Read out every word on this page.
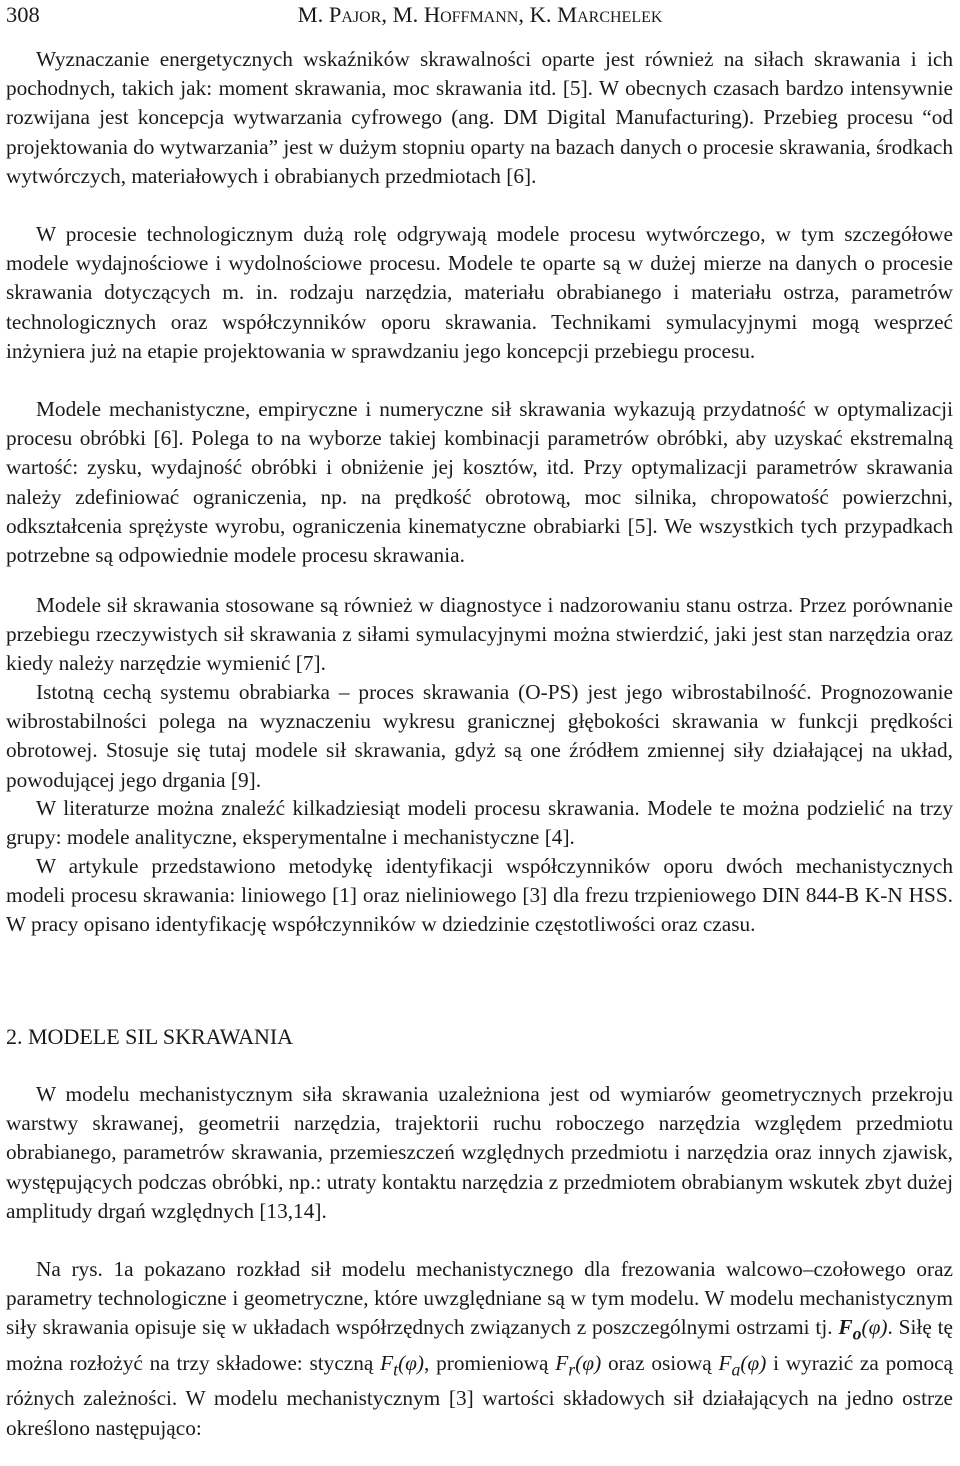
308	M. Pajor, M. Hoffmann, K. Marchelek

Wyznaczanie energetycznych wskaźników skrawalności oparte jest również na siłach skrawania i ich pochodnych, takich jak: moment skrawania, moc skrawania itd. [5]. W obecnych czasach bardzo intensywnie rozwijana jest koncepcja wytwarzania cyfrowego (ang. DM Digital Manufacturing). Przebieg procesu “od projektowania do wytwarzania” jest w dużym stopniu oparty na bazach danych o procesie skrawania, środkach wytwórczych, materiałowych i obrabianych przedmiotach [6].

W procesie technologicznym dużą rolę odgrywają modele procesu wytwórczego, w tym szczegółowe modele wydajnościowe i wydolnościowe procesu. Modele te oparte są w dużej mierze na danych o procesie skrawania dotyczących m. in. rodzaju narzędzia, materiału obrabianego i materiału ostrza, parametrów technologicznych oraz współczynników oporu skrawania. Technikami symulacyjnymi mogą wesprzeć inżyniera już na etapie projektowania w sprawdzaniu jego koncepcji przebiegu procesu.

Modele mechanistyczne, empiryczne i numeryczne sił skrawania wykazują przydatność w optymalizacji procesu obróbki [6]. Polega to na wyborze takiej kombinacji parametrów obróbki, aby uzyskać ekstremalną wartość: zysku, wydajność obróbki i obniżenie jej kosztów, itd. Przy optymalizacji parametrów skrawania należy zdefiniować ograniczenia, np. na prędkość obrotową, moc silnika, chropowatość powierzchni, odkształcenia sprężyste wyrobu, ograniczenia kinematyczne obrabiarki [5]. We wszystkich tych przypadkach potrzebne są odpowiednie modele procesu skrawania.

Modele sił skrawania stosowane są również w diagnostyce i nadzorowaniu stanu ostrza. Przez porównanie przebiegu rzeczywistych sił skrawania z siłami symulacyjnymi można stwierdzić, jaki jest stan narzędzia oraz kiedy należy narzędzie wymienić [7].

Istotną cechą systemu obrabiarka – proces skrawania (O-PS) jest jego wibrostabilność. Prognozowanie wibrostabilności polega na wyznaczeniu wykresu granicznej głębokości skrawania w funkcji prędkości obrotowej. Stosuje się tutaj modele sił skrawania, gdyż są one źródłem zmiennej siły działającej na układ, powodującej jego drgania [9].

W literaturze można znaleźć kilkadziesiąt modeli procesu skrawania. Modele te można podzielić na trzy grupy: modele analityczne, eksperymentalne i mechanistyczne [4].

W artykule przedstawiono metodykę identyfikacji współczynników oporu dwóch mechanistycznych modeli procesu skrawania: liniowego [1] oraz nieliniowego [3] dla frezu trzpieniowego DIN 844-B K-N HSS. W pracy opisano identyfikację współczynników w dziedzinie częstotliwości oraz czasu.

2. MODELE SIL SKRAWANIA

W modelu mechanistycznym siła skrawania uzależniona jest od wymiarów geometrycznych przekroju warstwy skrawanej, geometrii narzędzia, trajektorii ruchu roboczego narzędzia względem przedmiotu obrabianego, parametrów skrawania, przemieszczeń względnych przedmiotu i narzędzia oraz innych zjawisk, występujących podczas obróbki, np.: utraty kontaktu narzędzia z przedmiotem obrabianym wskutek zbyt dużej amplitudy drgań względnych [13,14].

Na rys. 1a pokazano rozkład sił modelu mechanistycznego dla frezowania walcowo–czołowego oraz parametry technologiczne i geometryczne, które uwzględniane są w tym modelu. W modelu mechanistycznym siły skrawania opisuje się w układach współrzędnych związanych z poszczególnymi ostrzami tj. $F_o(\varphi)$. Siłę tę można rozłożyć na trzy składowe: styczną $F_t(\varphi)$, promieniową $F_r(\varphi)$ oraz osiową $F_a(\varphi)$ i wyrazić za pomocą różnych zależności. W modelu mechanistycznym [3] wartości składowych sił działających na jedno ostrze określono następująco:
